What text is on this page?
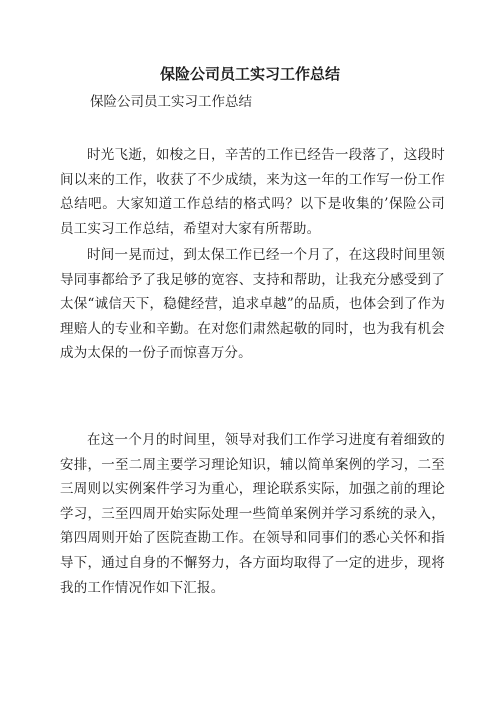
保险公司员工实习工作总结

保险公司员工实习工作总结

时光飞逝，如梭之日，辛苦的工作已经告一段落了，这段时间以来的工作，收获了不少成绩，来为这一年的工作写一份工作总结吧。大家知道工作总结的格式吗？以下是收集的’保险公司员工实习工作总结，希望对大家有所帮助。

时间一晃而过，到太保工作已经一个月了，在这段时间里领导同事都给予了我足够的宽容、支持和帮助，让我充分感受到了太保“诚信天下，稳健经营，追求卓越”的品质，也体会到了作为理赔人的专业和辛勤。在对您们肃然起敬的同时，也为我有机会成为太保的一份子而惊喜万分。

在这一个月的时间里，领导对我们工作学习进度有着细致的安排，一至二周主要学习理论知识，辅以简单案例的学习，二至三周则以实例案件学习为重心，理论联系实际，加强之前的理论学习，三至四周开始实际处理一些简单案例并学习系统的录入，第四周则开始了医院查勘工作。在领导和同事们的悉心关怀和指导下，通过自身的不懈努力，各方面均取得了一定的进步，现将我的工作情况作如下汇报。
